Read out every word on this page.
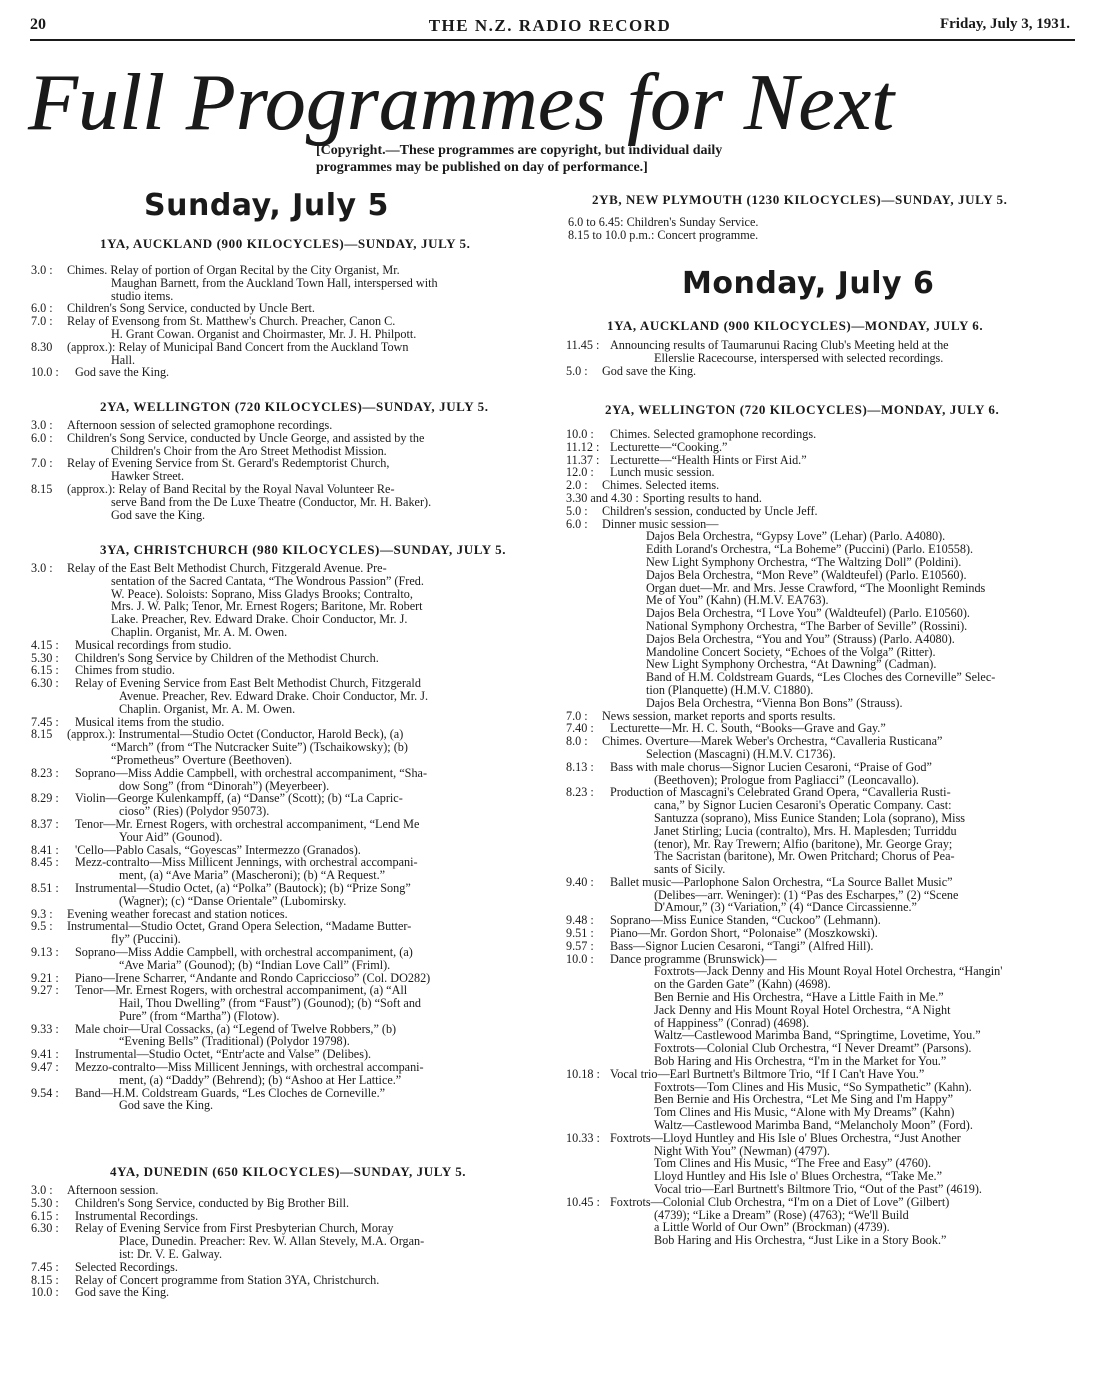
20	THE N.Z. RADIO RECORD	Friday, July 3, 1931.
Full Programmes for Next

[Copyright.—These programmes are copyright, but individual daily programmes may be published on day of performance.]

Sunday, July 5
1YA, AUCKLAND (900 KILOCYCLES)—SUNDAY, JULY 5.
3.0 :	Chimes. Relay of portion of Organ Recital by the City Organist, Mr.
Maughan Barnett, from the Auckland Town Hall, interspersed with
studio items.
6.0 :	Children's Song Service, conducted by Uncle Bert.
7.0 :	Relay of Evensong from St. Matthew's Church. Preacher, Canon C.
H. Grant Cowan. Organist and Choirmaster, Mr. J. H. Philpott.
8.30	(approx.): Relay of Municipal Band Concert from the Auckland Town
Hall.
10.0 :	God save the King.
2YA, WELLINGTON (720 KILOCYCLES)—SUNDAY, JULY 5.
3.0 :	Afternoon session of selected gramophone recordings.
6.0 :	Children's Song Service, conducted by Uncle George, and assisted by the
Children's Choir from the Aro Street Methodist Mission.
7.0 :	Relay of Evening Service from St. Gerard's Redemptorist Church,
Hawker Street.
8.15	(approx.): Relay of Band Recital by the Royal Naval Volunteer Re-
serve Band from the De Luxe Theatre (Conductor, Mr. H. Baker).
God save the King.
3YA, CHRISTCHURCH (980 KILOCYCLES)—SUNDAY, JULY 5.
3.0 :	Relay of the East Belt Methodist Church, Fitzgerald Avenue. Pre-
sentation of the Sacred Cantata, “The Wondrous Passion” (Fred.
W. Peace). Soloists: Soprano, Miss Gladys Brooks; Contralto,
Mrs. J. W. Palk; Tenor, Mr. Ernest Rogers; Baritone, Mr. Robert
Lake. Preacher, Rev. Edward Drake. Choir Conductor, Mr. J.
Chaplin. Organist, Mr. A. M. Owen.
4.15 :	Musical recordings from studio.
5.30 :	Children's Song Service by Children of the Methodist Church.
6.15 :	Chimes from studio.
6.30 :	Relay of Evening Service from East Belt Methodist Church, Fitzgerald
Avenue. Preacher, Rev. Edward Drake. Choir Conductor, Mr. J.
Chaplin. Organist, Mr. A. M. Owen.
7.45 :	Musical items from the studio.
8.15	(approx.): Instrumental—Studio Octet (Conductor, Harold Beck), (a)
“March” (from “The Nutcracker Suite”) (Tschaikowsky); (b)
“Prometheus” Overture (Beethoven).
8.23 :	Soprano—Miss Addie Campbell, with orchestral accompaniment, “Sha-
dow Song” (from “Dinorah”) (Meyerbeer).
8.29 :	Violin—George Kulenkampff, (a) “Danse” (Scott); (b) “La Capric-
cioso” (Ries) (Polydor 95073).
8.37 :	Tenor—Mr. Ernest Rogers, with orchestral accompaniment, “Lend Me
Your Aid” (Gounod).
8.41 :	'Cello—Pablo Casals, “Goyescas” Intermezzo (Granados).
8.45 :	Mezz-contralto—Miss Millicent Jennings, with orchestral accompani-
ment, (a) “Ave Maria” (Mascheroni); (b) “A Request.”
8.51 :	Instrumental—Studio Octet, (a) “Polka” (Bautock); (b) “Prize Song”
(Wagner); (c) “Danse Orientale” (Lubomirsky.
9.3 :	Evening weather forecast and station notices.
9.5 :	Instrumental—Studio Octet, Grand Opera Selection, “Madame Butter-
fly” (Puccini).
9.13 :	Soprano—Miss Addie Campbell, with orchestral accompaniment, (a)
“Ave Maria” (Gounod); (b) “Indian Love Call” (Friml).
9.21 :	Piano—Irene Scharrer, “Andante and Rondo Capriccioso” (Col. DO282)
9.27 :	Tenor—Mr. Ernest Rogers, with orchestral accompaniment, (a) “All
Hail, Thou Dwelling” (from “Faust”) (Gounod); (b) “Soft and
Pure” (from “Martha”) (Flotow).
9.33 :	Male choir—Ural Cossacks, (a) “Legend of Twelve Robbers,” (b)
“Evening Bells” (Traditional) (Polydor 19798).
9.41 :	Instrumental—Studio Octet, “Entr'acte and Valse” (Delibes).
9.47 :	Mezzo-contralto—Miss Millicent Jennings, with orchestral accompani-
ment, (a) “Daddy” (Behrend); (b) “Ashoo at Her Lattice.”
9.54 :	Band—H.M. Coldstream Guards, “Les Cloches de Corneville.”
God save the King.
4YA, DUNEDIN (650 KILOCYCLES)—SUNDAY, JULY 5.
3.0 :	Afternoon session.
5.30 :	Children's Song Service, conducted by Big Brother Bill.
6.15 :	Instrumental Recordings.
6.30 :	Relay of Evening Service from First Presbyterian Church, Moray
Place, Dunedin. Preacher: Rev. W. Allan Stevely, M.A. Organ-
ist: Dr. V. E. Galway.
7.45 :	Selected Recordings.
8.15 :	Relay of Concert programme from Station 3YA, Christchurch.
10.0 :	God save the King.
2YB, NEW PLYMOUTH (1230 KILOCYCLES)—SUNDAY, JULY 5.
6.0 to 6.45: Children's Sunday Service.
8.15 to 10.0 p.m.: Concert programme.
Monday, July 6
1YA, AUCKLAND (900 KILOCYCLES)—MONDAY, JULY 6.
11.45 : Announcing results of Taumarunui Racing Club's Meeting held at the
Ellerslie Racecourse, interspersed with selected recordings.
5.0 :	God save the King.
2YA, WELLINGTON (720 KILOCYCLES)—MONDAY, JULY 6.
10.0 :	Chimes. Selected gramophone recordings.
11.12 : Lecturette—“Cooking.”
11.37 : Lecturette—“Health Hints or First Aid.”
12.0 :	Lunch music session.
2.0 :	Chimes. Selected items.
3.30 and 4.30 : Sporting results to hand.
5.0 :	Children's session, conducted by Uncle Jeff.
6.0 :	Dinner music session—
Dajos Bela Orchestra, “Gypsy Love” (Lehar) (Parlo. A4080).
Edith Lorand's Orchestra, “La Boheme” (Puccini) (Parlo. E10558).
New Light Symphony Orchestra, “The Waltzing Doll” (Poldini).
Dajos Bela Orchestra, “Mon Reve” (Waldteufel) (Parlo. E10560).
Organ duet—Mr. and Mrs. Jesse Crawford, “The Moonlight Reminds
Me of You” (Kahn) (H.M.V. EA763).
Dajos Bela Orchestra, “I Love You” (Waldteufel) (Parlo. E10560).
National Symphony Orchestra, “The Barber of Seville” (Rossini).
Dajos Bela Orchestra, “You and You” (Strauss) (Parlo. A4080).
Mandoline Concert Society, “Echoes of the Volga” (Ritter).
New Light Symphony Orchestra, “At Dawning” (Cadman).
Band of H.M. Coldstream Guards, “Les Cloches des Corneville” Selec-
tion (Planquette) (H.M.V. C1880).
Dajos Bela Orchestra, “Vienna Bon Bons” (Strauss).
7.0 :	News session, market reports and sports results.
7.40 :	Lecturette—Mr. H. C. South, “Books—Grave and Gay.”
8.0 :	Chimes. Overture—Marek Weber's Orchestra, “Cavalleria Rusticana”
Selection (Mascagni) (H.M.V. C1736).
8.13 :	Bass with male chorus—Signor Lucien Cesaroni, “Praise of God”
(Beethoven); Prologue from Pagliacci” (Leoncavallo).
8.23 :	Production of Mascagni's Celebrated Grand Opera, “Cavalleria Rusti-
cana,” by Signor Lucien Cesaroni's Operatic Company. Cast:
Santuzza (soprano), Miss Eunice Standen; Lola (soprano), Miss
Janet Stirling; Lucia (contralto), Mrs. H. Maplesden; Turriddu
(tenor), Mr. Ray Trewern; Alfio (baritone), Mr. George Gray;
The Sacristan (baritone), Mr. Owen Pritchard; Chorus of Pea-
sants of Sicily.
9.40 :	Ballet music—Parlophone Salon Orchestra, “La Source Ballet Music”
(Delibes—arr. Weninger): (1) “Pas des Escharpes,” (2) “Scene
D'Amour,” (3) “Variation,” (4) “Dance Circassienne.”
9.48 :	Soprano—Miss Eunice Standen, “Cuckoo” (Lehmann).
9.51 :	Piano—Mr. Gordon Short, “Polonaise” (Moszkowski).
9.57 :	Bass—Signor Lucien Cesaroni, “Tangi” (Alfred Hill).
10.0 :	Dance programme (Brunswick)—
Foxtrots—Jack Denny and His Mount Royal Hotel Orchestra, “Hangin'
on the Garden Gate” (Kahn) (4698).
Ben Bernie and His Orchestra, “Have a Little Faith in Me.”
Jack Denny and His Mount Royal Hotel Orchestra, “A Night
of Happiness” (Conrad) (4698).
Waltz—Castlewood Marimba Band, “Springtime, Lovetime, You.”
Foxtrots—Colonial Club Orchestra, “I Never Dreamt” (Parsons).
Bob Haring and His Orchestra, “I'm in the Market for You.”
10.18 : Vocal trio—Earl Burtnett's Biltmore Trio, “If I Can't Have You.”
Foxtrots—Tom Clines and His Music, “So Sympathetic” (Kahn).
Ben Bernie and His Orchestra, “Let Me Sing and I'm Happy”
Tom Clines and His Music, “Alone with My Dreams” (Kahn)
Waltz—Castlewood Marimba Band, “Melancholy Moon” (Ford).
10.33 : Foxtrots—Lloyd Huntley and His Isle o' Blues Orchestra, “Just Another
Night With You” (Newman) (4797).
Tom Clines and His Music, “The Free and Easy” (4760).
Lloyd Huntley and His Isle o' Blues Orchestra, “Take Me.”
Vocal trio—Earl Burtnett's Biltmore Trio, “Out of the Past” (4619).
10.45 : Foxtrots—Colonial Club Orchestra, “I'm on a Diet of Love” (Gilbert)
(4739); “Like a Dream” (Rose) (4763); “We'll Build
a Little World of Our Own” (Brockman) (4739).
Bob Haring and His Orchestra, “Just Like in a Story Book.”
